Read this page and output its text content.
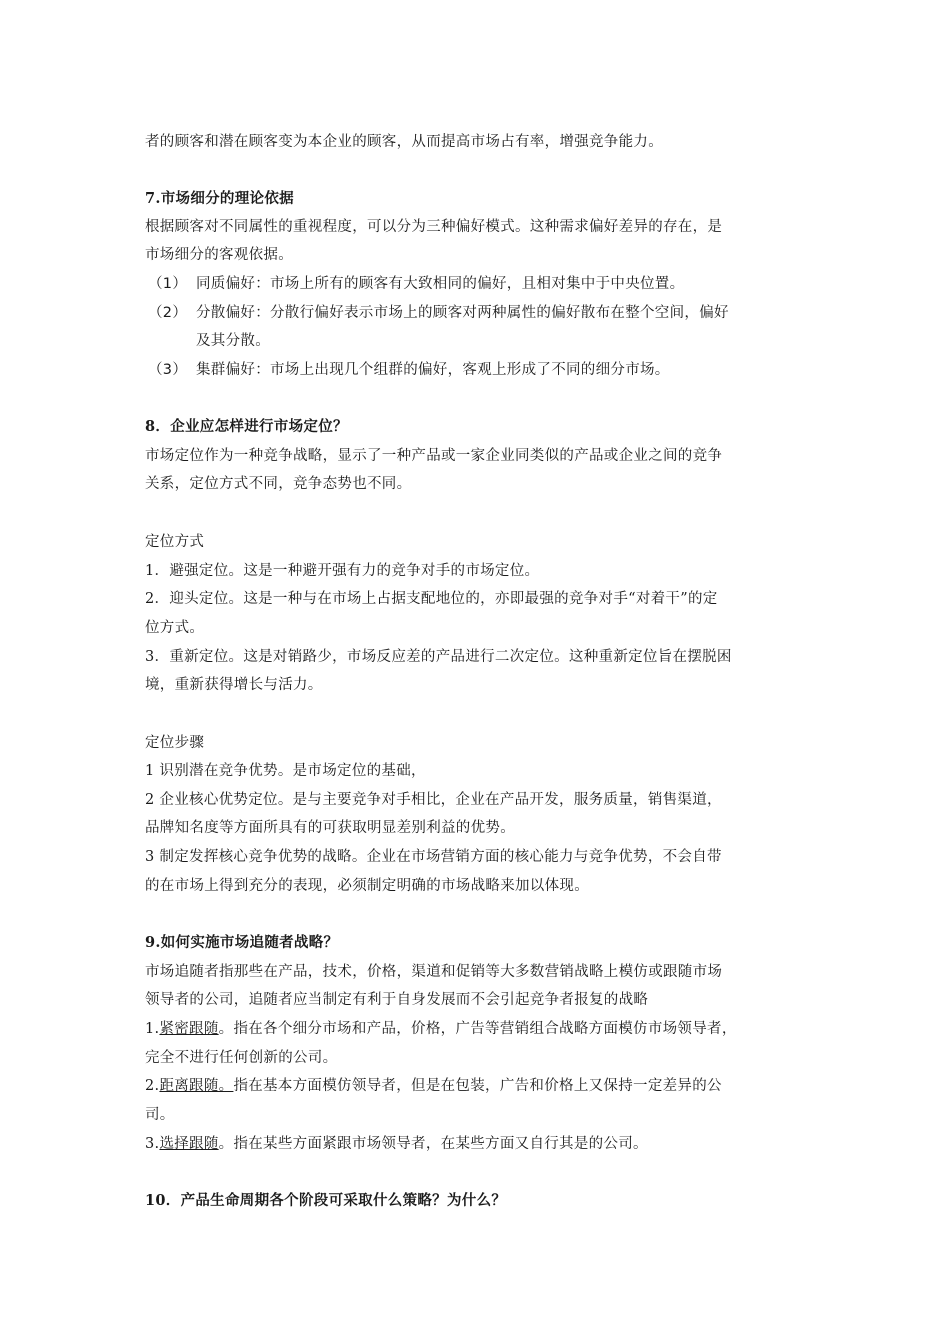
者的顾客和潜在顾客变为本企业的顾客，从而提高市场占有率，增强竞争能力。
7.市场细分的理论依据
根据顾客对不同属性的重视程度，可以分为三种偏好模式。这种需求偏好差异的存在，是
市场细分的客观依据。
（1） 同质偏好：市场上所有的顾客有大致相同的偏好，且相对集中于中央位置。
（2） 分散偏好：分散行偏好表示市场上的顾客对两种属性的偏好散布在整个空间，偏好
及其分散。
（3） 集群偏好：市场上出现几个组群的偏好，客观上形成了不同的细分市场。
8．企业应怎样进行市场定位？
市场定位作为一种竞争战略，显示了一种产品或一家企业同类似的产品或企业之间的竞争
关系，定位方式不同，竞争态势也不同。
定位方式
1．避强定位。这是一种避开强有力的竞争对手的市场定位。
2．迎头定位。这是一种与在市场上占据支配地位的，亦即最强的竞争对手“对着干”的定
位方式。
3．重新定位。这是对销路少，市场反应差的产品进行二次定位。这种重新定位旨在摆脱困
境，重新获得增长与活力。
定位步骤
1 识别潜在竞争优势。是市场定位的基础，
2 企业核心优势定位。是与主要竞争对手相比，企业在产品开发，服务质量，销售渠道，
品牌知名度等方面所具有的可获取明显差别利益的优势。
3 制定发挥核心竞争优势的战略。企业在市场营销方面的核心能力与竞争优势，不会自带
的在市场上得到充分的表现，必须制定明确的市场战略来加以体现。
9.如何实施市场追随者战略？
市场追随者指那些在产品，技术，价格，渠道和促销等大多数营销战略上模仿或跟随市场
领导者的公司，追随者应当制定有利于自身发展而不会引起竞争者报复的战略
1.紧密跟随。指在各个细分市场和产品，价格，广告等营销组合战略方面模仿市场领导者，
完全不进行任何创新的公司。
2.距离跟随。指在基本方面模仿领导者，但是在包装，广告和价格上又保持一定差异的公
司。
3.选择跟随。指在某些方面紧跟市场领导者，在某些方面又自行其是的公司。
10．产品生命周期各个阶段可采取什么策略？为什么？
